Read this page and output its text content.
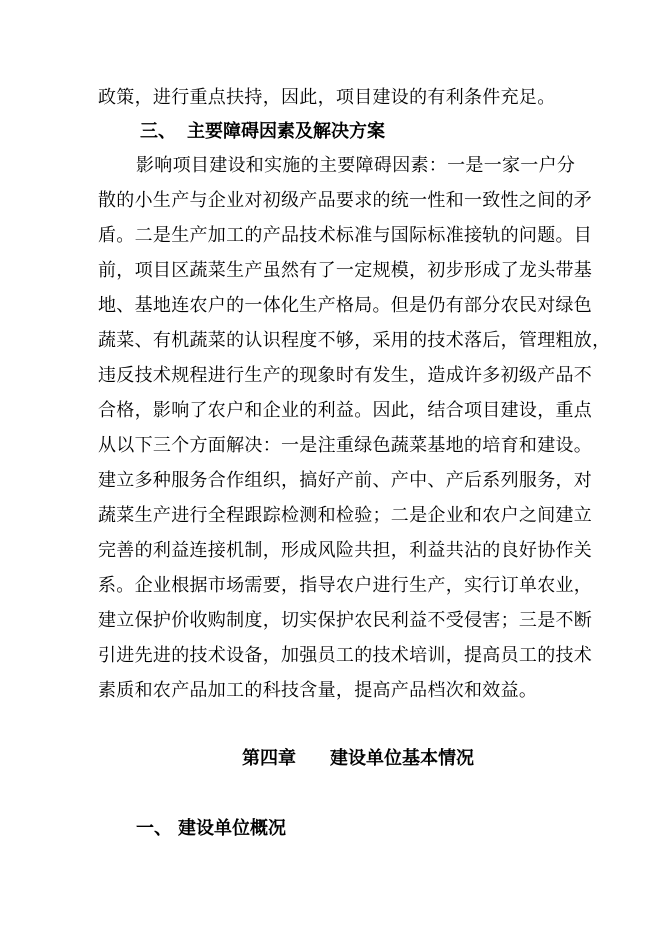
政策，进行重点扶持，因此，项目建设的有利条件充足。
三、 主要障碍因素及解决方案
影响项目建设和实施的主要障碍因素：一是一家一户分
散的小生产与企业对初级产品要求的统一性和一致性之间的矛
盾。二是生产加工的产品技术标准与国际标准接轨的问题。目
前，项目区蔬菜生产虽然有了一定规模，初步形成了龙头带基
地、基地连农户的一体化生产格局。但是仍有部分农民对绿色
蔬菜、有机蔬菜的认识程度不够，采用的技术落后，管理粗放，
违反技术规程进行生产的现象时有发生，造成许多初级产品不
合格，影响了农户和企业的利益。因此，结合项目建设，重点
从以下三个方面解决：一是注重绿色蔬菜基地的培育和建设。
建立多种服务合作组织，搞好产前、产中、产后系列服务，对
蔬菜生产进行全程跟踪检测和检验；二是企业和农户之间建立
完善的利益连接机制，形成风险共担，利益共沾的良好协作关
系。企业根据市场需要，指导农户进行生产，实行订单农业，
建立保护价收购制度，切实保护农民利益不受侵害；三是不断
引进先进的技术设备，加强员工的技术培训，提高员工的技术
素质和农产品加工的科技含量，提高产品档次和效益。
第四章 建设单位基本情况
一、 建设单位概况
